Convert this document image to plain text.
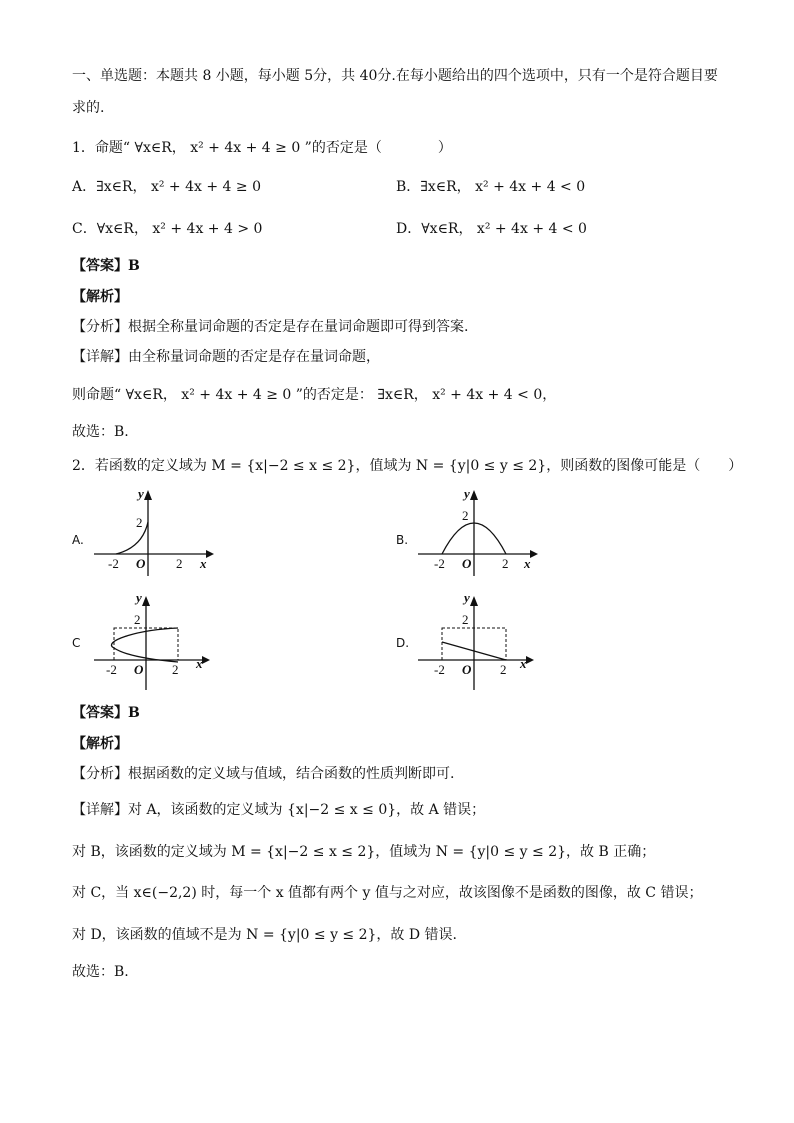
一、单选题：本题共 8 小题，每小题 5分，共 40分.在每小题给出的四个选项中，只有一个是符合题目要
求的.
1．命题“ ∀x∈R， x² + 4x + 4 ≥ 0 ”的否定是（　　　　）
A．∃x∈R， x² + 4x + 4 ≥ 0	B．∃x∈R， x² + 4x + 4 < 0
C．∀x∈R， x² + 4x + 4 > 0	D．∀x∈R， x² + 4x + 4 < 0
【答案】B
【解析】
【分析】根据全称量词命题的否定是存在量词命题即可得到答案.
【详解】由全称量词命题的否定是存在量词命题，
则命题“ ∀x∈R， x² + 4x + 4 ≥ 0 ”的否定是： ∃x∈R， x² + 4x + 4 < 0，
故选：B.
2．若函数的定义域为 M = {x|−2 ≤ x ≤ 2}，值域为 N = {y|0 ≤ y ≤ 2}，则函数的图像可能是（　　）
A.
y
x
2
-2 O 2
B.
y
x
2
-2 O 2
C
y
x
2
-2 O 2
D.
y
x
2
-2 O 2
【答案】B
【解析】
【分析】根据函数的定义域与值域，结合函数的性质判断即可.
【详解】对 A，该函数的定义域为 {x|−2 ≤ x ≤ 0}，故 A 错误；
对 B，该函数的定义域为 M = {x|−2 ≤ x ≤ 2}，值域为 N = {y|0 ≤ y ≤ 2}，故 B 正确；
对 C，当 x∈(−2,2) 时，每一个 x 值都有两个 y 值与之对应，故该图像不是函数的图像，故 C 错误；
对 D，该函数的值域不是为 N = {y|0 ≤ y ≤ 2}，故 D 错误.
故选：B.
